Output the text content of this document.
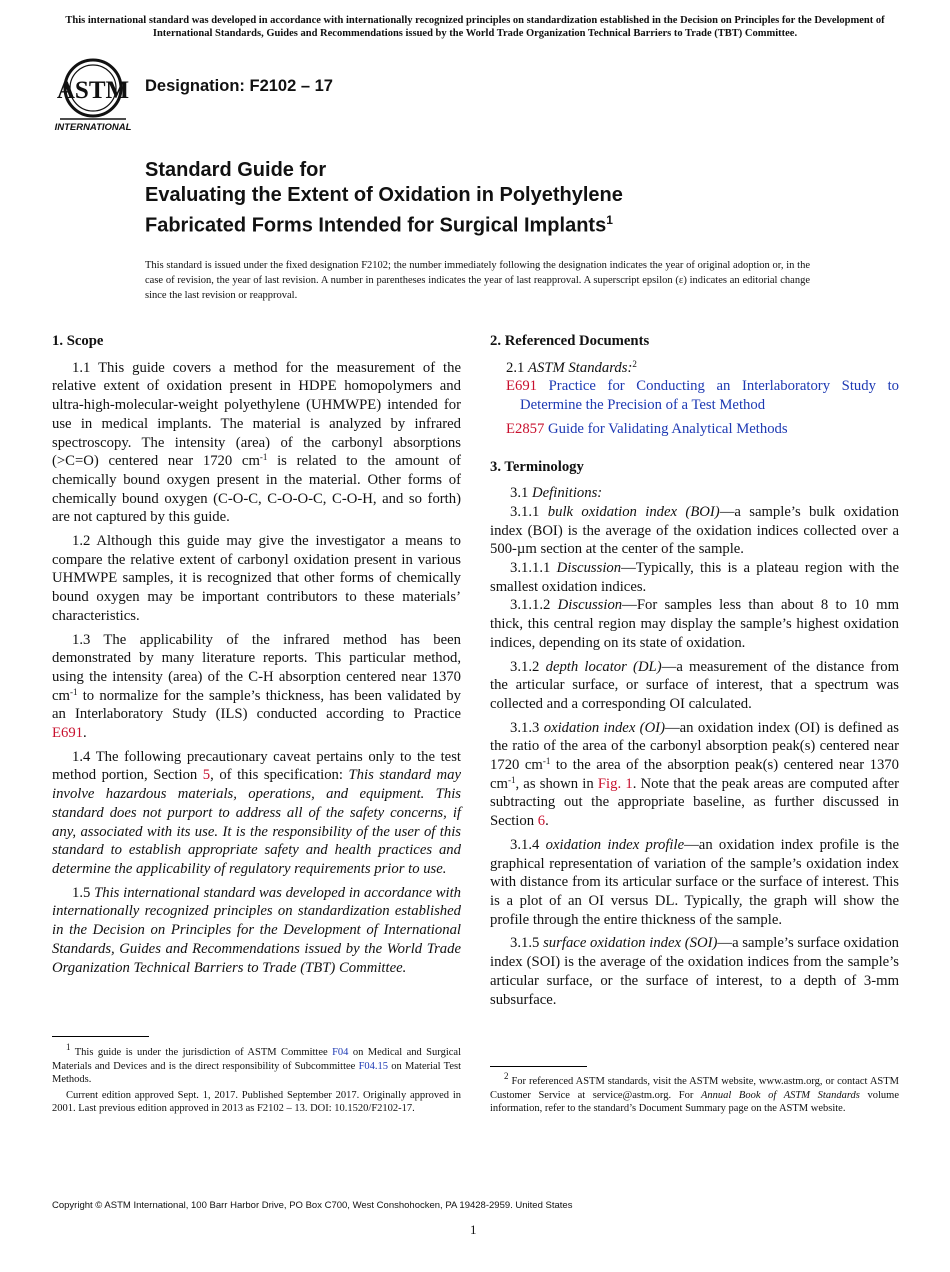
This international standard was developed in accordance with internationally recognized principles on standardization established in the Decision on Principles for the Development of International Standards, Guides and Recommendations issued by the World Trade Organization Technical Barriers to Trade (TBT) Committee.
ASTM
INTERNATIONAL
Designation: F2102 – 17
Standard Guide for
Evaluating the Extent of Oxidation in Polyethylene
Fabricated Forms Intended for Surgical Implants$^1$
This standard is issued under the fixed designation F2102; the number immediately following the designation indicates the year of original adoption or, in the case of revision, the year of last revision. A number in parentheses indicates the year of last reapproval. A superscript epsilon (ε) indicates an editorial change since the last revision or reapproval.
1. Scope

1.1 This guide covers a method for the measurement of the relative extent of oxidation present in HDPE homopolymers and ultra-high-molecular-weight polyethylene (UHMWPE) intended for use in medical implants. The material is analyzed by infrared spectroscopy. The intensity (area) of the carbonyl absorptions (>C=O) centered near 1720 $cm^{-1}$ is related to the amount of chemically bound oxygen present in the material. Other forms of chemically bound oxygen (C-O-C, C-O-O-C, C-O-H, and so forth) are not captured by this guide.

1.2 Although this guide may give the investigator a means to compare the relative extent of carbonyl oxidation present in various UHMWPE samples, it is recognized that other forms of chemically bound oxygen may be important contributors to these materials’ characteristics.

1.3 The applicability of the infrared method has been demonstrated by many literature reports. This particular method, using the intensity (area) of the C-H absorption centered near 1370 $cm^{-1}$ to normalize for the sample’s thickness, has been validated by an Interlaboratory Study (ILS) conducted according to Practice E691.

1.4 The following precautionary caveat pertains only to the test method portion, Section 5, of this specification: This standard may involve hazardous materials, operations, and equipment. This standard does not purport to address all of the safety concerns, if any, associated with its use. It is the responsibility of the user of this standard to establish appropriate safety and health practices and determine the applicability of regulatory requirements prior to use.

1.5 This international standard was developed in accordance with internationally recognized principles on standardization established in the Decision on Principles for the Development of International Standards, Guides and Recommendations issued by the World Trade Organization Technical Barriers to Trade (TBT) Committee.

$^1$ This guide is under the jurisdiction of ASTM Committee F04 on Medical and Surgical Materials and Devices and is the direct responsibility of Subcommittee F04.15 on Material Test Methods.

Current edition approved Sept. 1, 2017. Published September 2017. Originally approved in 2001. Last previous edition approved in 2013 as F2102 – 13. DOI: 10.1520/F2102-17.

2. Referenced Documents

2.1 ASTM Standards:$^2$

E691 Practice for Conducting an Interlaboratory Study to Determine the Precision of a Test Method

E2857 Guide for Validating Analytical Methods

3. Terminology

3.1 Definitions:

3.1.1 bulk oxidation index (BOI)—a sample’s bulk oxidation index (BOI) is the average of the oxidation indices collected over a 500-µm section at the center of the sample.

3.1.1.1 Discussion—Typically, this is a plateau region with the smallest oxidation indices.

3.1.1.2 Discussion—For samples less than about 8 to 10 mm thick, this central region may display the sample’s highest oxidation indices, depending on its state of oxidation.

3.1.2 depth locator (DL)—a measurement of the distance from the articular surface, or surface of interest, that a spectrum was collected and a corresponding OI calculated.

3.1.3 oxidation index (OI)—an oxidation index (OI) is defined as the ratio of the area of the carbonyl absorption peak(s) centered near 1720 $cm^{-1}$ to the area of the absorption peak(s) centered near 1370 $cm^{-1}$, as shown in Fig. 1. Note that the peak areas are computed after subtracting out the appropriate baseline, as further discussed in Section 6.

3.1.4 oxidation index profile—an oxidation index profile is the graphical representation of variation of the sample’s oxidation index with distance from its articular surface or the surface of interest. This is a plot of an OI versus DL. Typically, the graph will show the profile through the entire thickness of the sample.

3.1.5 surface oxidation index (SOI)—a sample’s surface oxidation index (SOI) is the average of the oxidation indices from the sample’s articular surface, or the surface of interest, to a depth of 3-mm subsurface.

$^2$ For referenced ASTM standards, visit the ASTM website, www.astm.org, or contact ASTM Customer Service at service@astm.org. For Annual Book of ASTM Standards volume information, refer to the standard’s Document Summary page on the ASTM website.

Copyright © ASTM International, 100 Barr Harbor Drive, PO Box C700, West Conshohocken, PA 19428-2959. United States
1
